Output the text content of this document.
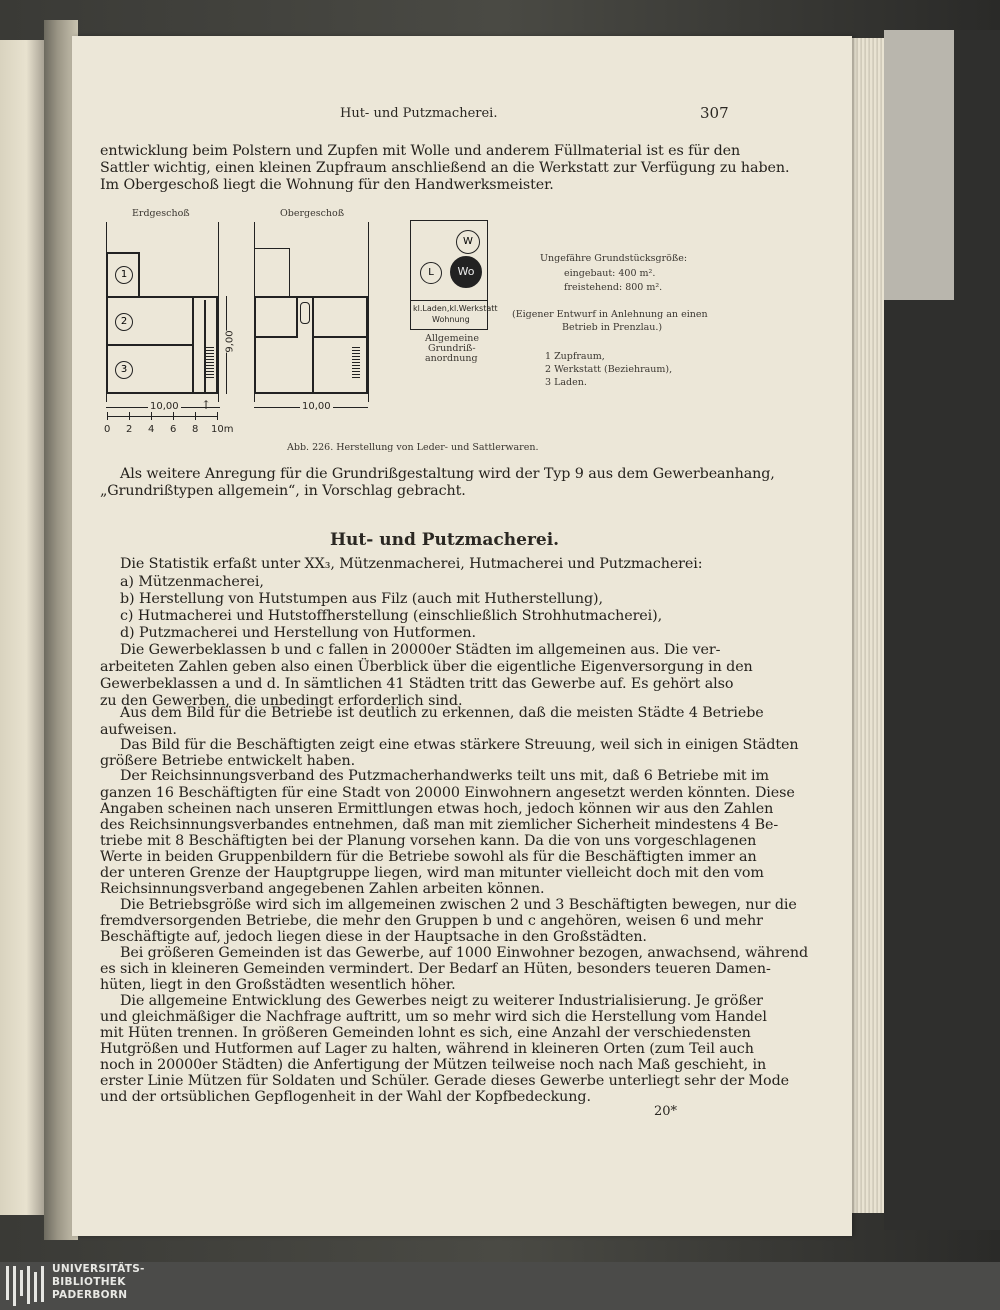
Hut- und Putzmacherei.	307
entwicklung beim Polstern und Zupfen mit Wolle und anderem Füllmaterial ist es für den
Sattler wichtig, einen kleinen Zupfraum anschließend an die Werkstatt zur Verfügung zu haben.
Im Obergeschoß liegt die Wohnung für den Handwerksmeister.
Erdgeschoß	Obergeschoß
1
2
3
10,00 ↑
9,00
0 2 4 6 8 10m
10,00
W
L	Wo
kl.Laden,kl.Werkstatt
Wohnung
Allgemeine
Grundriß-
anordnung
Ungefähre Grundstücksgröße:
eingebaut: 400 m².
freistehend: 800 m².
(Eigener Entwurf in Anlehnung an einen
Betrieb in Prenzlau.)
1 Zupfraum,
2 Werkstatt (Beziehraum),
3 Laden.
Abb. 226. Herstellung von Leder- und Sattlerwaren.
Als weitere Anregung für die Grundrißgestaltung wird der Typ 9 aus dem Gewerbeanhang,
„Grundrißtypen allgemein“, in Vorschlag gebracht.
Hut- und Putzmacherei.
Die Statistik erfaßt unter XX₃, Mützenmacherei, Hutmacherei und Putzmacherei:
a) Mützenmacherei,
b) Herstellung von Hutstumpen aus Filz (auch mit Hutherstellung),
c) Hutmacherei und Hutstoffherstellung (einschließlich Strohhutmacherei),
d) Putzmacherei und Herstellung von Hutformen.
Die Gewerbeklassen b und c fallen in 20000er Städten im allgemeinen aus. Die ver-
arbeiteten Zahlen geben also einen Überblick über die eigentliche Eigenversorgung in den
Gewerbeklassen a und d. In sämtlichen 41 Städten tritt das Gewerbe auf. Es gehört also
zu den Gewerben, die unbedingt erforderlich sind.
Aus dem Bild für die Betriebe ist deutlich zu erkennen, daß die meisten Städte 4 Betriebe
aufweisen.
Das Bild für die Beschäftigten zeigt eine etwas stärkere Streuung, weil sich in einigen Städten
größere Betriebe entwickelt haben.
Der Reichsinnungsverband des Putzmacherhandwerks teilt uns mit, daß 6 Betriebe mit im
ganzen 16 Beschäftigten für eine Stadt von 20000 Einwohnern angesetzt werden könnten. Diese
Angaben scheinen nach unseren Ermittlungen etwas hoch, jedoch können wir aus den Zahlen
des Reichsinnungsverbandes entnehmen, daß man mit ziemlicher Sicherheit mindestens 4 Be-
triebe mit 8 Beschäftigten bei der Planung vorsehen kann. Da die von uns vorgeschlagenen
Werte in beiden Gruppenbildern für die Betriebe sowohl als für die Beschäftigten immer an
der unteren Grenze der Hauptgruppe liegen, wird man mitunter vielleicht doch mit den vom
Reichsinnungsverband angegebenen Zahlen arbeiten können.
Die Betriebsgröße wird sich im allgemeinen zwischen 2 und 3 Beschäftigten bewegen, nur die
fremdversorgenden Betriebe, die mehr den Gruppen b und c angehören, weisen 6 und mehr
Beschäftigte auf, jedoch liegen diese in der Hauptsache in den Großstädten.
Bei größeren Gemeinden ist das Gewerbe, auf 1000 Einwohner bezogen, anwachsend, während
es sich in kleineren Gemeinden vermindert. Der Bedarf an Hüten, besonders teueren Damen-
hüten, liegt in den Großstädten wesentlich höher.
Die allgemeine Entwicklung des Gewerbes neigt zu weiterer Industrialisierung. Je größer
und gleichmäßiger die Nachfrage auftritt, um so mehr wird sich die Herstellung vom Handel
mit Hüten trennen. In größeren Gemeinden lohnt es sich, eine Anzahl der verschiedensten
Hutgrößen und Hutformen auf Lager zu halten, während in kleineren Orten (zum Teil auch
noch in 20000er Städten) die Anfertigung der Mützen teilweise noch nach Maß geschieht, in
erster Linie Mützen für Soldaten und Schüler. Gerade dieses Gewerbe unterliegt sehr der Mode
und der ortsüblichen Gepflogenheit in der Wahl der Kopfbedeckung.
20*
UNIVERSITÄTS-
BIBLIOTHEK
PADERBORN
